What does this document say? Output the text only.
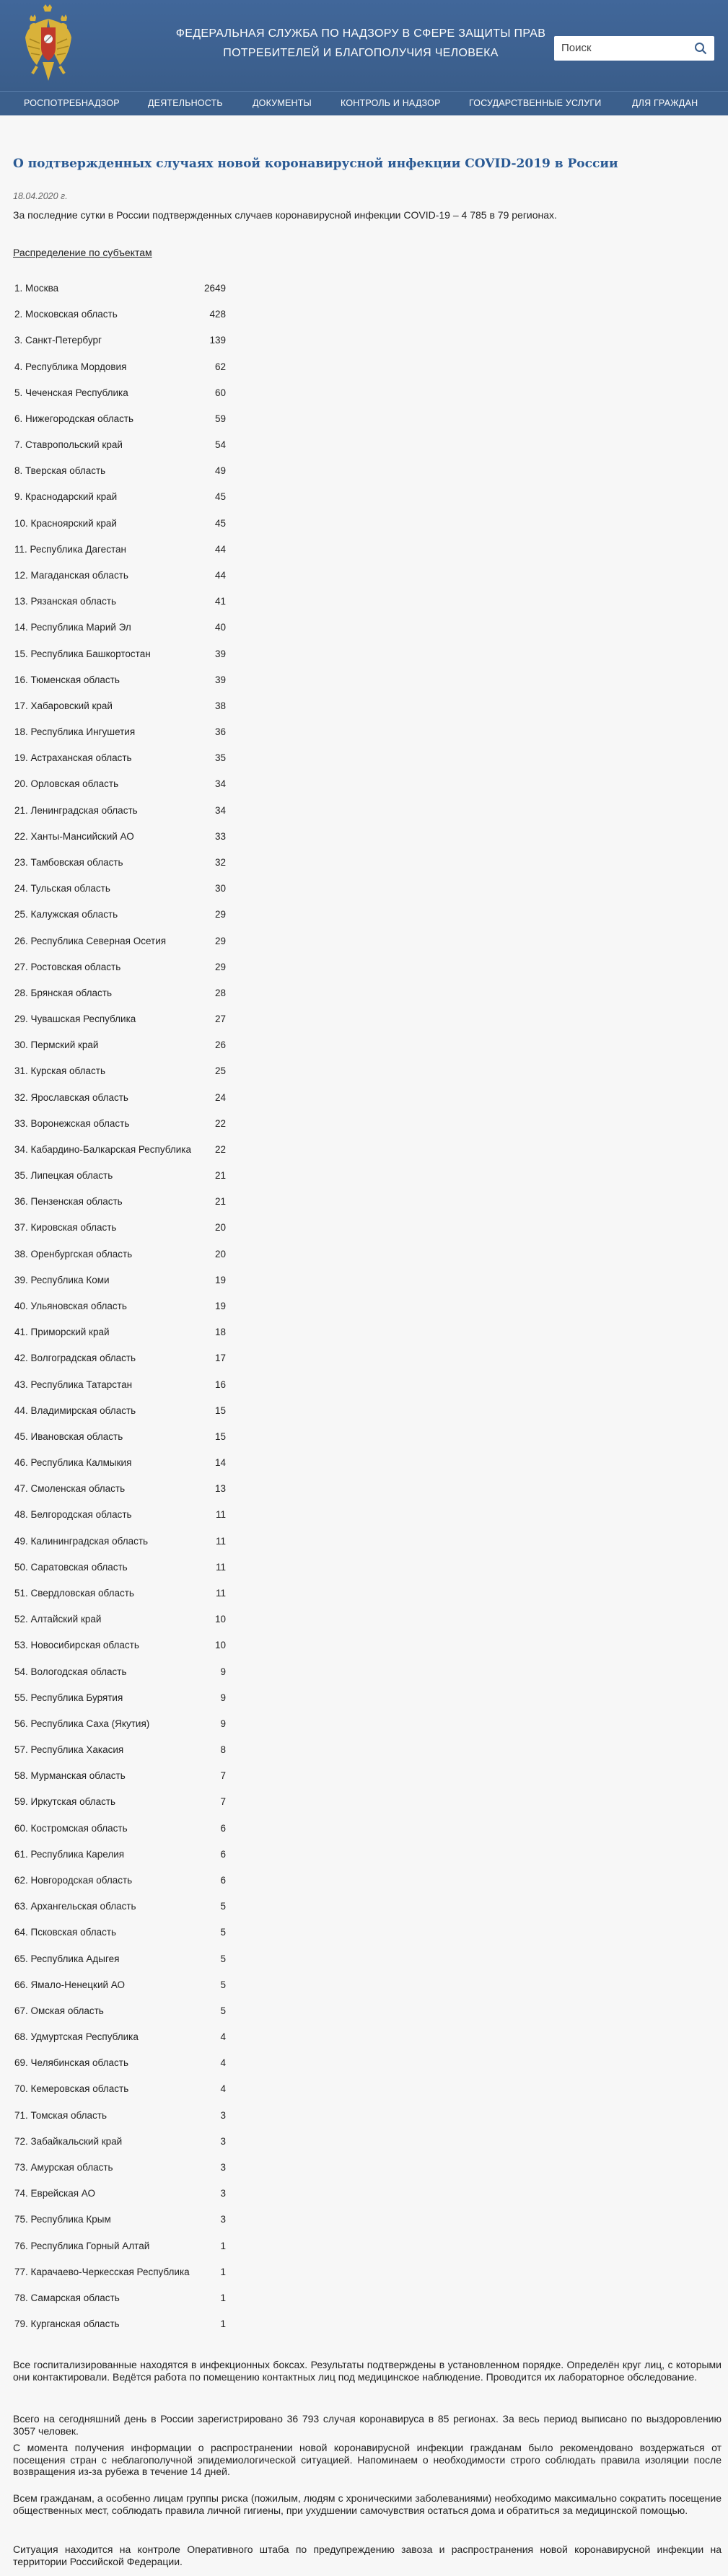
ФЕДЕРАЛЬНАЯ СЛУЖБА ПО НАДЗОРУ В СФЕРЕ ЗАЩИТЫ ПРАВ
ПОТРЕБИТЕЛЕЙ И БЛАГОПОЛУЧИЯ ЧЕЛОВЕКА	Поиск
РОСПОТРЕБНАДЗОР	ДЕЯТЕЛЬНОСТЬ	ДОКУМЕНТЫ	КОНТРОЛЬ И НАДЗОР	ГОСУДАРСТВЕННЫЕ УСЛУГИ	ДЛЯ ГРАЖДАН
О подтвержденных случаях новой коронавирусной инфекции COVID-2019 в России
18.04.2020 г.
За последние сутки в России подтвержденных случаев коронавирусной инфекции COVID-19 – 4 785 в 79 регионах.
Распределение по субъектам
1. Москва	2649
2. Московская область	428
3. Санкт-Петербург	139
4. Республика Мордовия	62
5. Чеченская Республика	60
6. Нижегородская область	59
7. Ставропольский край	54
8. Тверская область	49
9. Краснодарский край	45
10. Красноярский край	45
11. Республика Дагестан	44
12. Магаданская область	44
13. Рязанская область	41
14. Республика Марий Эл	40
15. Республика Башкортостан	39
16. Тюменская область	39
17. Хабаровский край	38
18. Республика Ингушетия	36
19. Астраханская область	35
20. Орловская область	34
21. Ленинградская область	34
22. Ханты-Мансийский АО	33
23. Тамбовская область	32
24. Тульская область	30
25. Калужская область	29
26. Республика Северная Осетия	29
27. Ростовская область	29
28. Брянская область	28
29. Чувашская Республика	27
30. Пермский край	26
31. Курская область	25
32. Ярославская область	24
33. Воронежская область	22
34. Кабардино-Балкарская Республика 22
35. Липецкая область	21
36. Пензенская область	21
37. Кировская область	20
38. Оренбургская область	20
39. Республика Коми	19
40. Ульяновская область	19
41. Приморский край	18
42. Волгоградская область	17
43. Республика Татарстан	16
44. Владимирская область	15
45. Ивановская область	15
46. Республика Калмыкия	14
47. Смоленская область	13
48. Белгородская область	11
49. Калининградская область	11
50. Саратовская область	11
51. Свердловская область	11
52. Алтайский край	10
53. Новосибирская область	10
54. Вологодская область	9
55. Республика Бурятия	9
56. Республика Саха (Якутия)	9
57. Республика Хакасия	8
58. Мурманская область	7
59. Иркутская область	7
60. Костромская область	6
61. Республика Карелия	6
62. Новгородская область	6
63. Архангельская область	5
64. Псковская область	5
65. Республика Адыгея	5
66. Ямало-Ненецкий АО	5
67. Омская область	5
68. Удмуртская Республика	4
69. Челябинская область	4
70. Кемеровская область	4
71. Томская область	3
72. Забайкальский край	3
73. Амурская область	3
74. Еврейская АО	3
75. Республика Крым	3
76. Республика Горный Алтай	1
77. Карачаево-Черкесская Республика	1
78. Самарская область	1
79. Курганская область	1
Все госпитализированные находятся в инфекционных боксах. Результаты подтверждены в установленном порядке. Определён круг лиц, с которыми они контактировали. Ведётся работа по помещению контактных лиц под медицинское наблюдение. Проводится их лабораторное обследование.
Всего на сегодняшний день в России зарегистрировано 36 793 случая коронавируса в 85 регионах. За весь период выписано по выздоровлению 3057 человек.
С момента получения информации о распространении новой коронавирусной инфекции гражданам было рекомендовано воздержаться от посещения стран с неблагополучной эпидемиологической ситуацией. Напоминаем о необходимости строго соблюдать правила изоляции после возвращения из-за рубежа в течение 14 дней.
Всем гражданам, а особенно лицам группы риска (пожилым, людям с хроническими заболеваниями) необходимо максимально сократить посещение общественных мест, соблюдать правила личной гигиены, при ухудшении самочувствия остаться дома и обратиться за медицинской помощью.
Ситуация находится на контроле Оперативного штаба по предупреждению завоза и распространения новой коронавирусной инфекции на территории Российской Федерации.
